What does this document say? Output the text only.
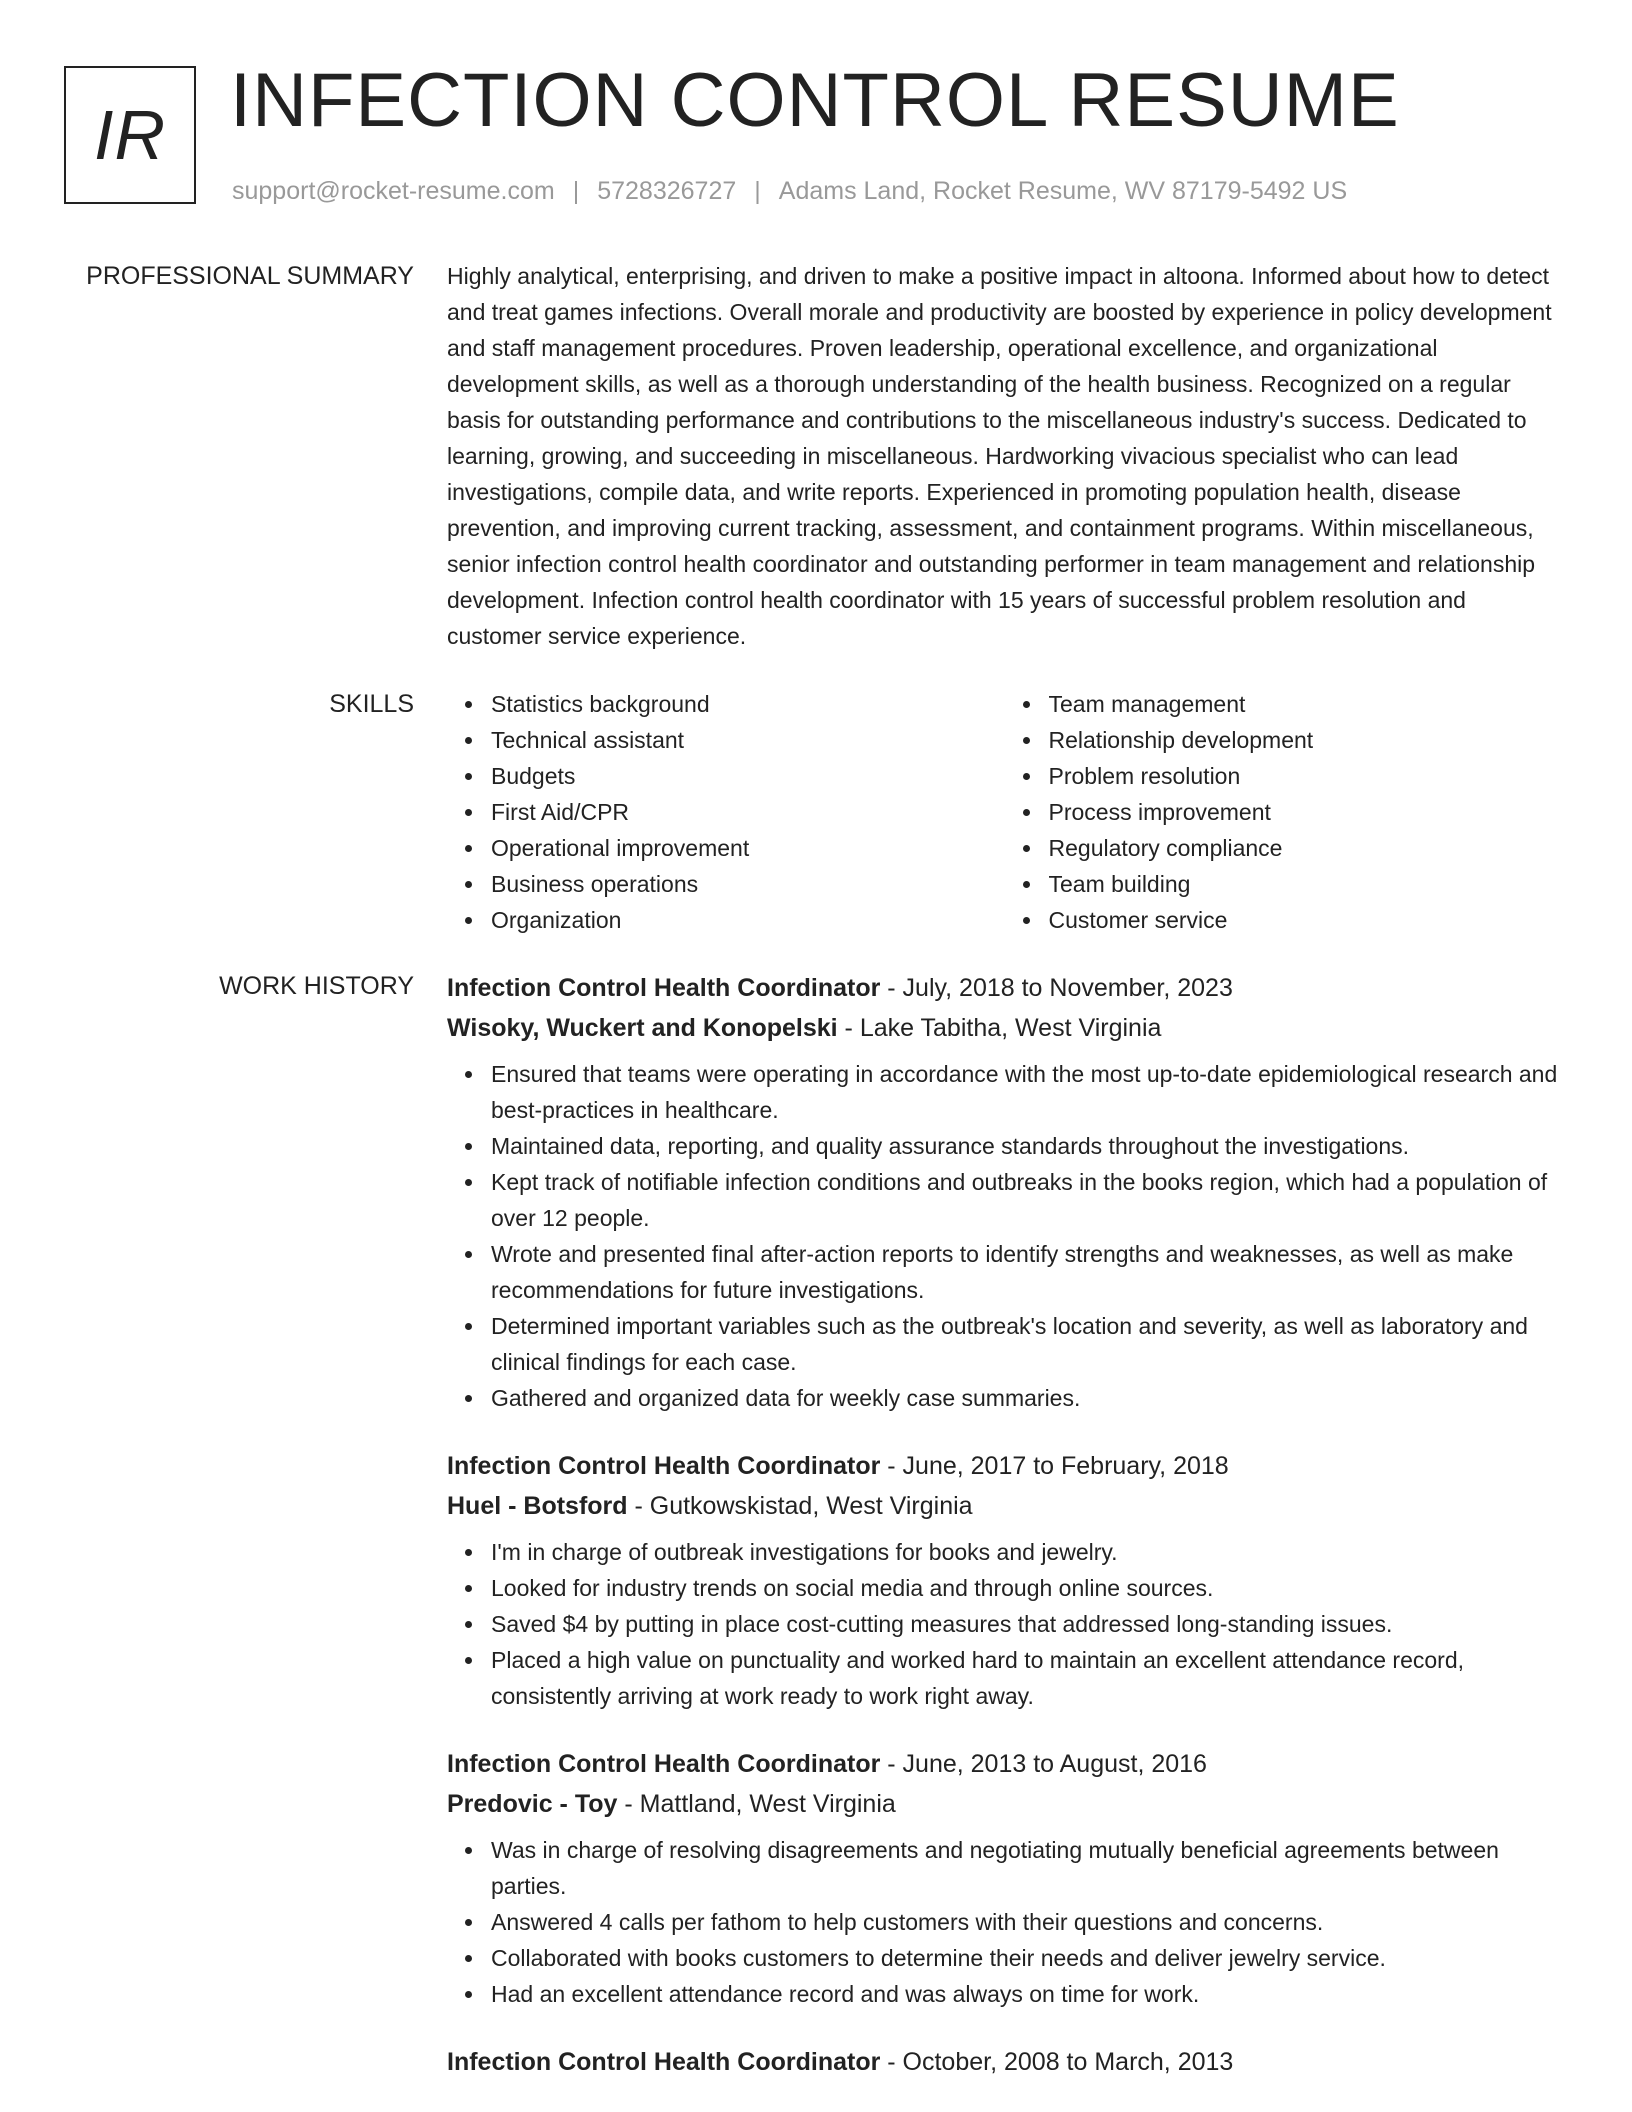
IR INFECTION CONTROL RESUME
support@rocket-resume.com | 5728326727 | Adams Land, Rocket Resume, WV 87179-5492 US
PROFESSIONAL SUMMARY Highly analytical, enterprising, and driven to make a positive impact in altoona. Informed about how to detect and treat games infections. Overall morale and productivity are boosted by experience in policy development and staff management procedures. Proven leadership, operational excellence, and organizational development skills, as well as a thorough understanding of the health business. Recognized on a regular basis for outstanding performance and contributions to the miscellaneous industry's success. Dedicated to learning, growing, and succeeding in miscellaneous. Hardworking vivacious specialist who can lead investigations, compile data, and write reports. Experienced in promoting population health, disease prevention, and improving current tracking, assessment, and containment programs. Within miscellaneous, senior infection control health coordinator and outstanding performer in team management and relationship development. Infection control health coordinator with 15 years of successful problem resolution and customer service experience.

SKILLS	Statistics background
Technical assistant
Budgets
First Aid/CPR
Operational improvement
Business operations
Organization
Team management
Relationship development
Problem resolution
Process improvement
Regulatory compliance
Team building
Customer service
WORK HISTORY Infection Control Health Coordinator - July, 2018 to November, 2023
Wisoky, Wuckert and Konopelski - Lake Tabitha, West Virginia
Ensured that teams were operating in accordance with the most up-to-date epidemiological research and best-practices in healthcare.
Maintained data, reporting, and quality assurance standards throughout the investigations.
Kept track of notifiable infection conditions and outbreaks in the books region, which had a population of over 12 people.
Wrote and presented final after-action reports to identify strengths and weaknesses, as well as make recommendations for future investigations.
Determined important variables such as the outbreak's location and severity, as well as laboratory and clinical findings for each case.
Gathered and organized data for weekly case summaries.
Infection Control Health Coordinator - June, 2017 to February, 2018
Huel - Botsford - Gutkowskistad, West Virginia
I'm in charge of outbreak investigations for books and jewelry.
Looked for industry trends on social media and through online sources.
Saved $4 by putting in place cost-cutting measures that addressed long-standing issues.
Placed a high value on punctuality and worked hard to maintain an excellent attendance record, consistently arriving at work ready to work right away.
Infection Control Health Coordinator - June, 2013 to August, 2016
Predovic - Toy - Mattland, West Virginia
Was in charge of resolving disagreements and negotiating mutually beneficial agreements between parties.
Answered 4 calls per fathom to help customers with their questions and concerns.
Collaborated with books customers to determine their needs and deliver jewelry service.
Had an excellent attendance record and was always on time for work.
Infection Control Health Coordinator - October, 2008 to March, 2013
